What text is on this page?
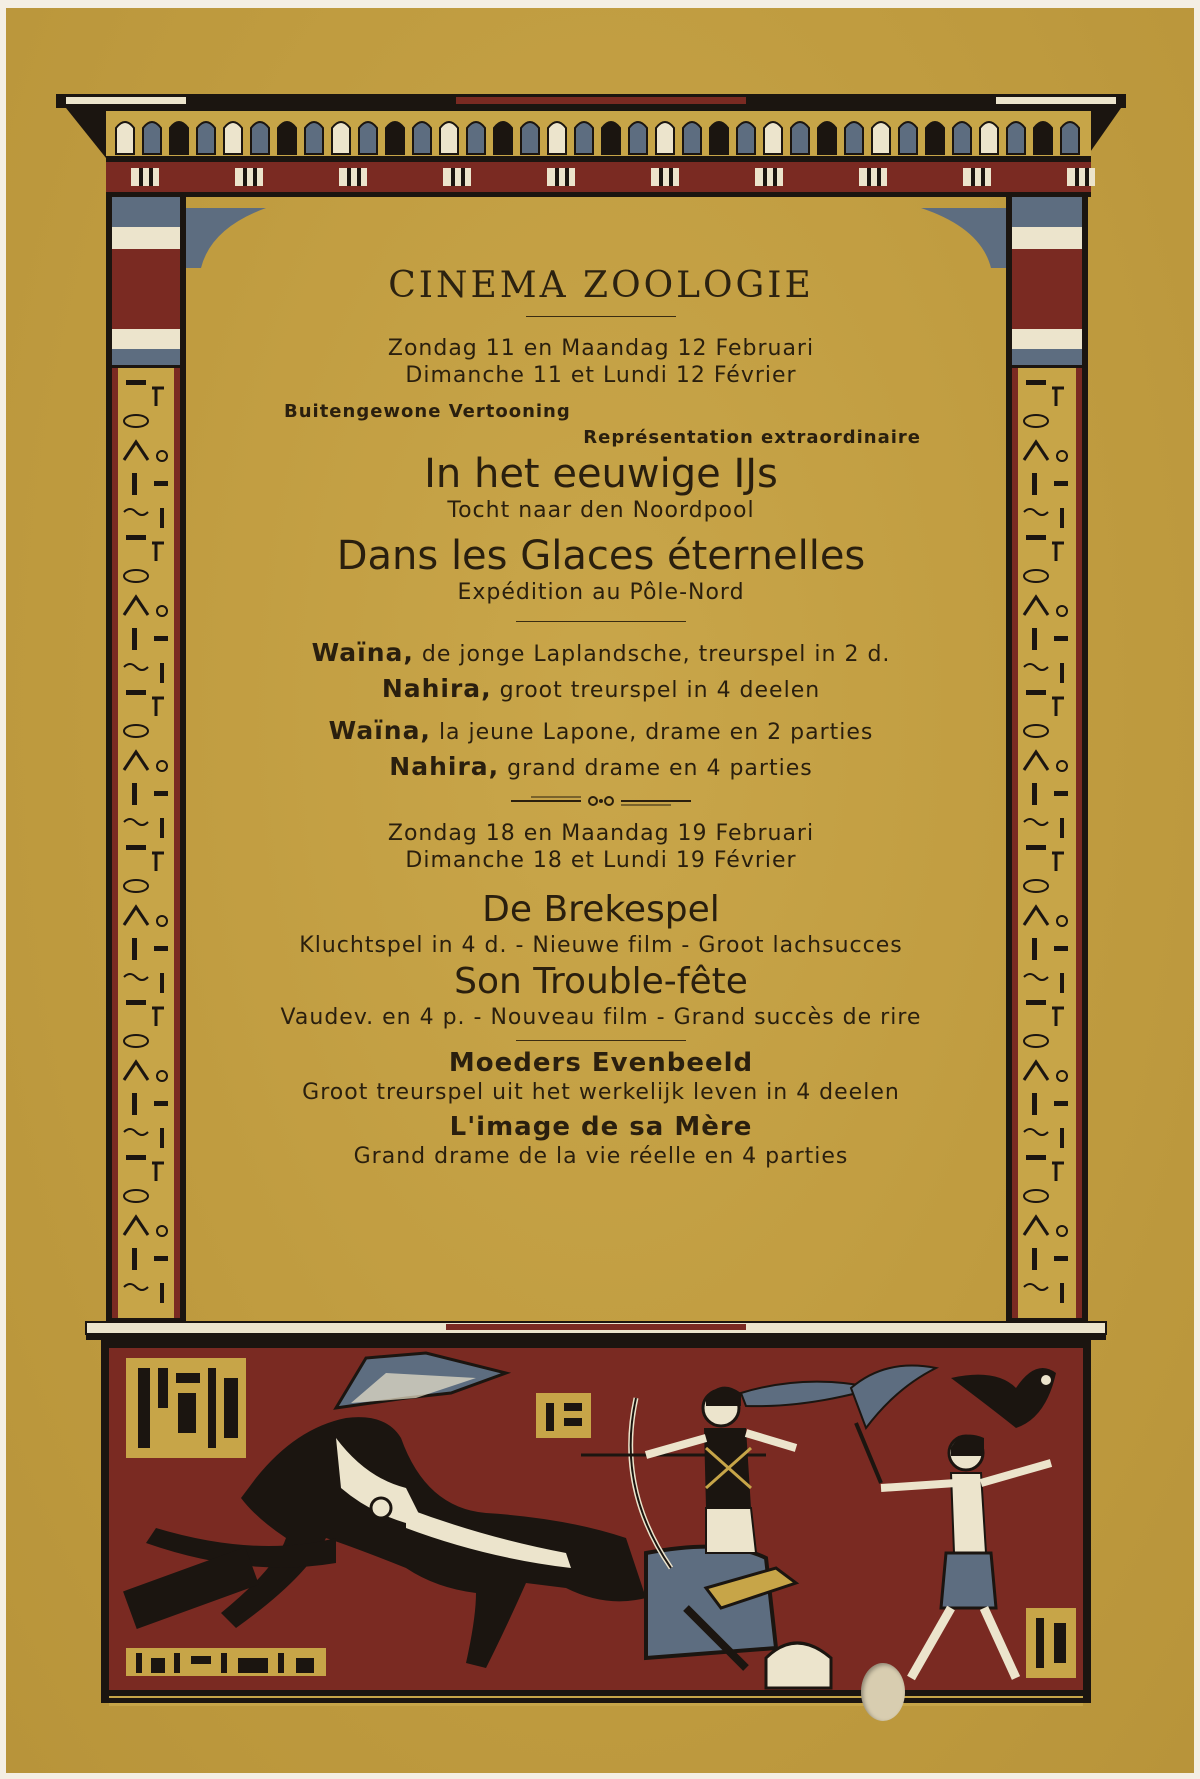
CINEMA ZOOLOGIE
Zondag 11 en Maandag 12 Februari
Dimanche 11 et Lundi 12 Février
Buitengewone Vertooning
Représentation extraordinaire
In het eeuwige IJs
Tocht naar den Noordpool
Dans les Glaces éternelles
Expédition au Pôle-Nord
Waïna, de jonge Laplandsche, treurspel in 2 d.
Nahira, groot treurspel in 4 deelen
Waïna, la jeune Lapone, drame en 2 parties
Nahira, grand drame en 4 parties
Zondag 18 en Maandag 19 Februari
Dimanche 18 et Lundi 19 Février
De Brekespel
Kluchtspel in 4 d. - Nieuwe film - Groot lachsucces
Son Trouble-fête
Vaudev. en 4 p. - Nouveau film - Grand succès de rire
Moeders Evenbeeld
Groot treurspel uit het werkelijk leven in 4 deelen
L'image de sa Mère
Grand drame de la vie réelle en 4 parties
